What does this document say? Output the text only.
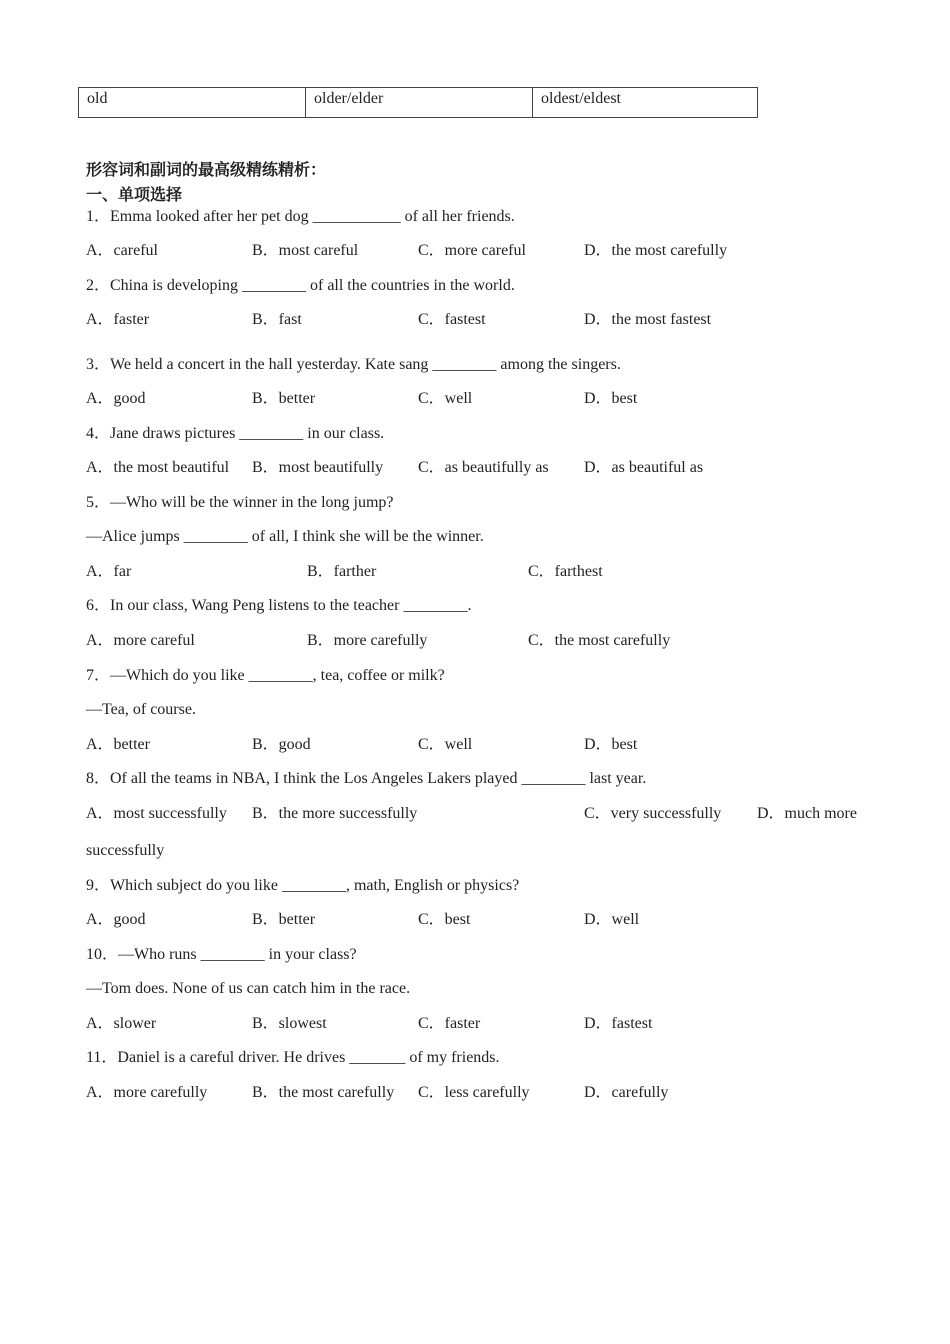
old	older/elder	oldest/eldest
形容词和副词的最高级精练精析：
一、单项选择
1．Emma looked after her pet dog ___________ of all her friends.
A．careful	B．most careful	C．more careful	D．the most carefully
2．China is developing ________ of all the countries in the world.
A．faster	B．fast	C．fastest	D．the most fastest
3．We held a concert in the hall yesterday. Kate sang ________ among the singers.
A．good	B．better	C．well	D．best
4．Jane draws pictures ________ in our class.
A．the most beautiful B．most beautifully C．as beautifully as D．as beautiful as
5．—Who will be the winner in the long jump?
—Alice jumps ________ of all, I think she will be the winner.
A．far	B．farther	C．farthest
6．In our class, Wang Peng listens to the teacher ________.
A．more careful	B．more carefully	C．the most carefully
7．—Which do you like ________, tea, coffee or milk?
—Tea, of course.
A．better	B．good	C．well	D．best
8．Of all the teams in NBA, I think the Los Angeles Lakers played ________ last year.
A．most successfully B．the more successfully	C．very successfully D．much more
successfully
9．Which subject do you like ________, math, English or physics?
A．good	B．better	C．best	D．well
10．—Who runs ________ in your class?
—Tom does. None of us can catch him in the race.
A．slower	B．slowest	C．faster	D．fastest
11．Daniel is a careful driver. He drives _______ of my friends.
A．more carefully	B．the most carefully C．less carefully	D．carefully
